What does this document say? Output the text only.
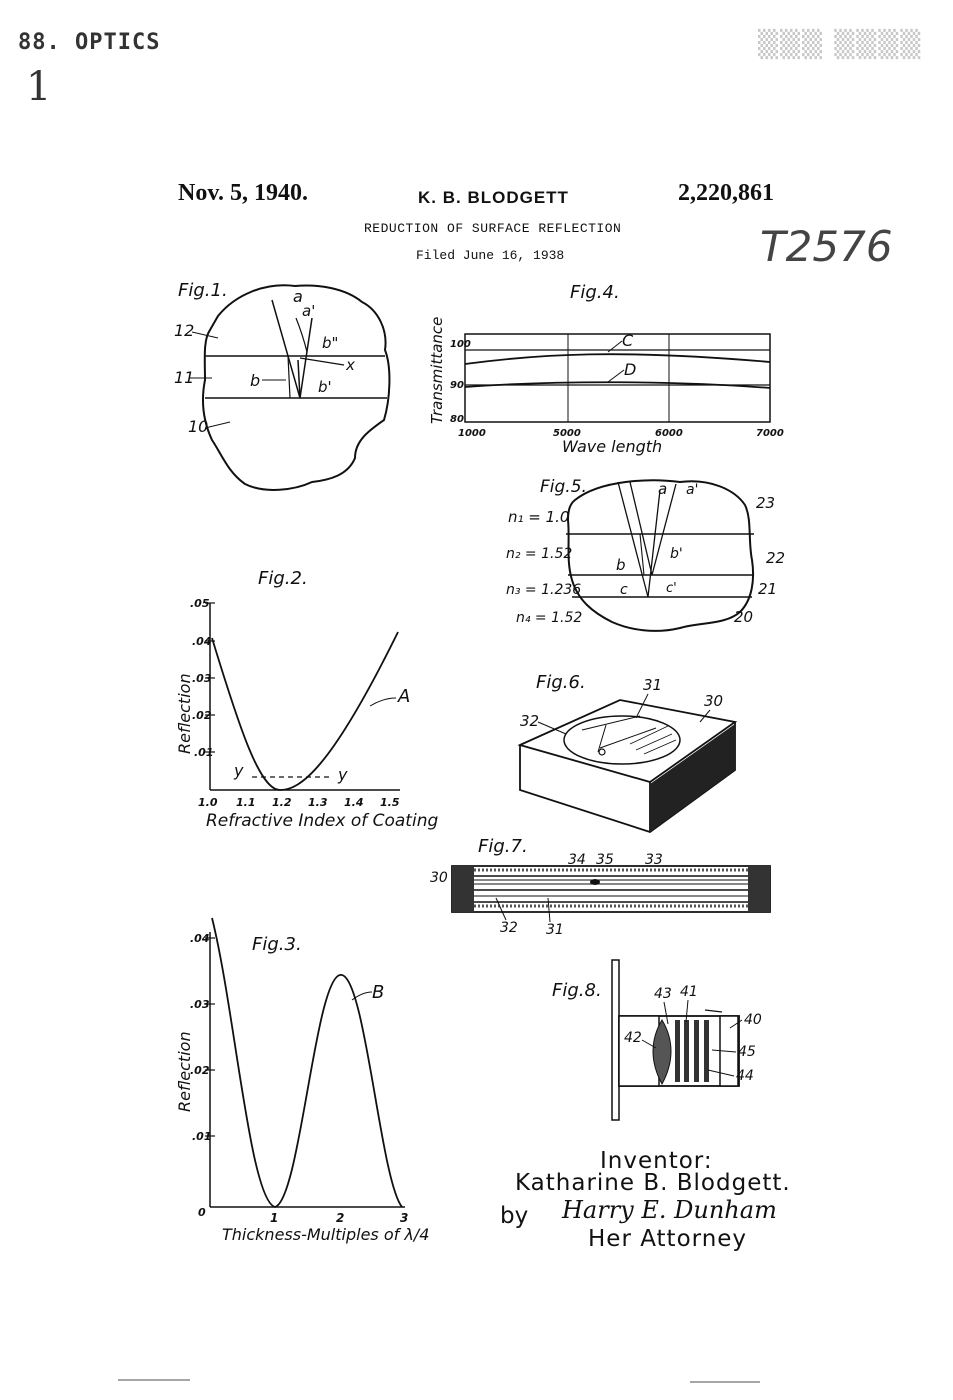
88. OPTICS
1
▒▒▒ ▒▒▒▒
Nov. 5, 1940.	K. B. BLODGETT	2,220,861
REDUCTION OF SURFACE REFLECTION
Filed June 16, 1938	T2576
Fig.1.
12
11
10
a
a'
b"
x
b	b'
Fig.4.
100
90
80
1000	5000	6000	7000
Wave length
Transmittance	C
D
Fig.5.
n₁ = 1.0
n₂ = 1.52
n₃ = 1.236
n₄ = 1.52
23
22
21
20
a a'
b
b'
c	c'
Fig.2.
.05
.04
.03
.02
.01
1.0 1.1 1.2 1.3 1.4 1.5
Refractive Index of Coating
Reflection	A
y	y
Fig.6.	31
30
32
Fig.7.
34 35 33
30
32 31
Fig.3.
.04
.03
.02
.01
0	1	2	3
Thickness-Multiples of λ/4
Reflection
B	Fig.8.	43 41
40
42
45
44
Inventor:
Katharine B. Blodgett.
by Harry E. Dunham
Her Attorney
